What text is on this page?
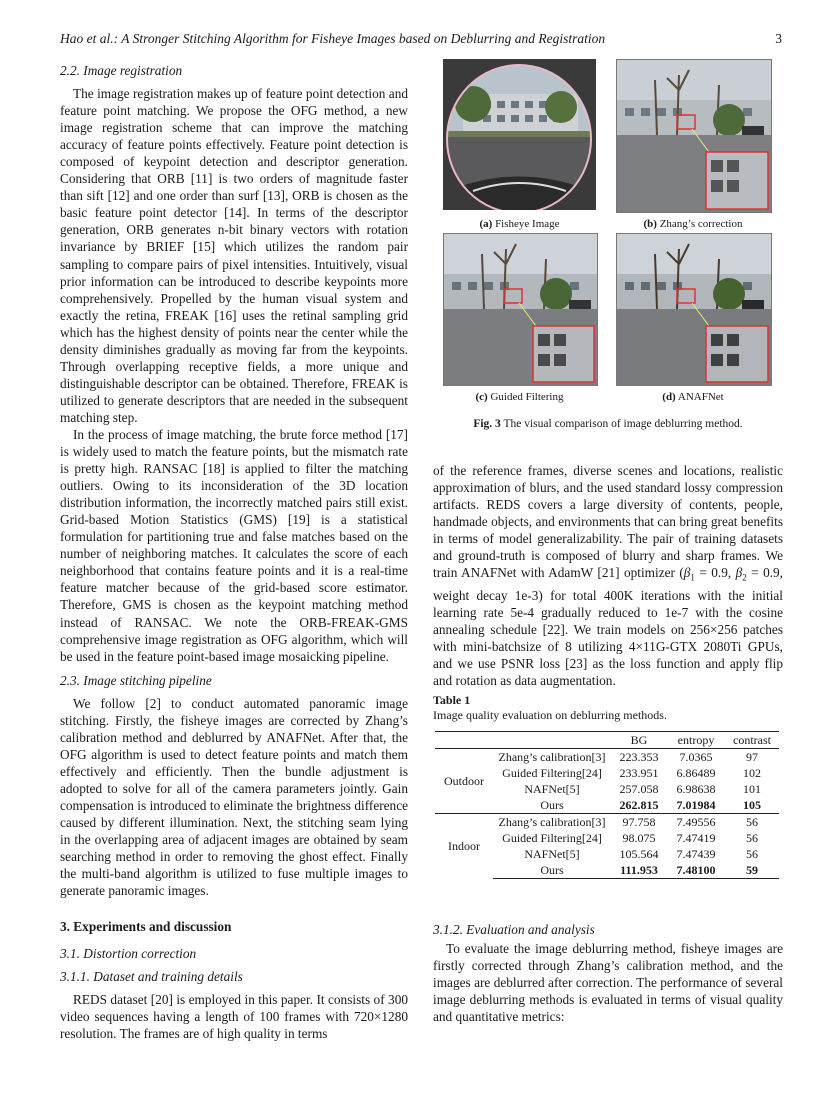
Hao et al.: A Stronger Stitching Algorithm for Fisheye Images based on Deblurring and Registration	3
2.2. Image registration

The image registration makes up of feature point detection and feature point matching. We propose the OFG method, a new image registration scheme that can improve the matching accuracy of feature points effectively. Feature point detection is composed of keypoint detection and descriptor generation. Considering that ORB [11] is two orders of magnitude faster than sift [12] and one order than surf [13], ORB is chosen as the basic feature point detector [14]. In terms of the descriptor generation, ORB generates n-bit binary vectors with rotation invariance by BRIEF [15] which utilizes the random pair sampling to compare pairs of pixel intensities. Intuitively, visual prior information can be introduced to describe keypoints more comprehensively. Propelled by the human visual system and exactly the retina, FREAK [16] uses the retinal sampling grid which has the highest density of points near the center while the density diminishes gradually as moving far from the keypoints. Through overlapping receptive fields, a more unique and distinguishable descriptor can be obtained. Therefore, FREAK is utilized to generate descriptors that are needed in the subsequent matching step.

In the process of image matching, the brute force method [17] is widely used to match the feature points, but the mismatch rate is pretty high. RANSAC [18] is applied to filter the matching outliers. Owing to its inconsideration of the 3D location distribution information, the incorrectly matched pairs still exist. Grid-based Motion Statistics (GMS) [19] is a statistical formulation for partitioning true and false matches based on the number of neighboring matches. It calculates the score of each neighborhood that contains feature points and it is a real-time feature matcher because of the grid-based score estimator. Therefore, GMS is chosen as the keypoint matching method instead of RANSAC. We note the ORB-FREAK-GMS comprehensive image registration as OFG algorithm, which will be used in the feature point-based image mosaicking pipeline.

2.3. Image stitching pipeline

We follow [2] to conduct automated panoramic image stitching. Firstly, the fisheye images are corrected by Zhang’s calibration method and deblurred by ANAFNet. After that, the OFG algorithm is used to detect feature points and match them effectively and efficiently. Then the bundle adjustment is adopted to solve for all of the camera parameters jointly. Gain compensation is introduced to eliminate the brightness difference caused by different illumination. Next, the stitching seam lying in the overlapping area of adjacent images are obtained by seam searching method in order to removing the ghost effect. Finally the multi-band algorithm is utilized to fuse multiple images to generate panoramic images.

3. Experiments and discussion
3.1. Distortion correction
3.1.1. Dataset and training details

REDS dataset [20] is employed in this paper. It consists of 300 video sequences having a length of 100 frames with 720×1280 resolution. The frames are of high quality in terms

(a) Fisheye Image	(b) Zhang’s correction
(c) Guided Filtering	(d) ANAFNet
Fig. 3 The visual comparison of image deblurring method.

of the reference frames, diverse scenes and locations, realistic approximation of blurs, and the used standard lossy compression artifacts. REDS covers a large diversity of contents, people, handmade objects, and environments that can bring great benefits in terms of model generalizability. The pair of training datasets and ground-truth is composed of blurry and sharp frames. We train ANAFNet with AdamW [21] optimizer ($\beta_1 = 0.9$, $\beta_2 = 0.9$, weight decay 1e-3) for total 400K iterations with the initial learning rate 5e-4 gradually reduced to 1e-7 with the cosine annealing schedule [22]. We train models on 256×256 patches with mini-batchsize of 8 utilizing 4×11G-GTX 2080Ti GPUs, and we use PSNR loss [23] as the loss function and apply flip and rotation as data augmentation.

Table 1
Image quality evaluation on deblurring methods.
		BG	entropy	contrast
Outdoor	Zhang’s calibration[3]	223.353	7.0365	97
	Guided Filtering[24]	233.951	6.86489	102
	NAFNet[5]	257.058	6.98638	101
	Ours	262.815	7.01984	105
Indoor	Zhang’s calibration[3]	97.758	7.49556	56
	Guided Filtering[24]	98.075	7.47419	56
	NAFNet[5]	105.564	7.47439	56
	Ours	111.953	7.48100	59
3.1.2. Evaluation and analysis

To evaluate the image deblurring method, fisheye images are firstly corrected through Zhang’s calibration method, and the images are deblurred after correction. The performance of several image deblurring methods is evaluated in terms of visual quality and quantitative metrics:
